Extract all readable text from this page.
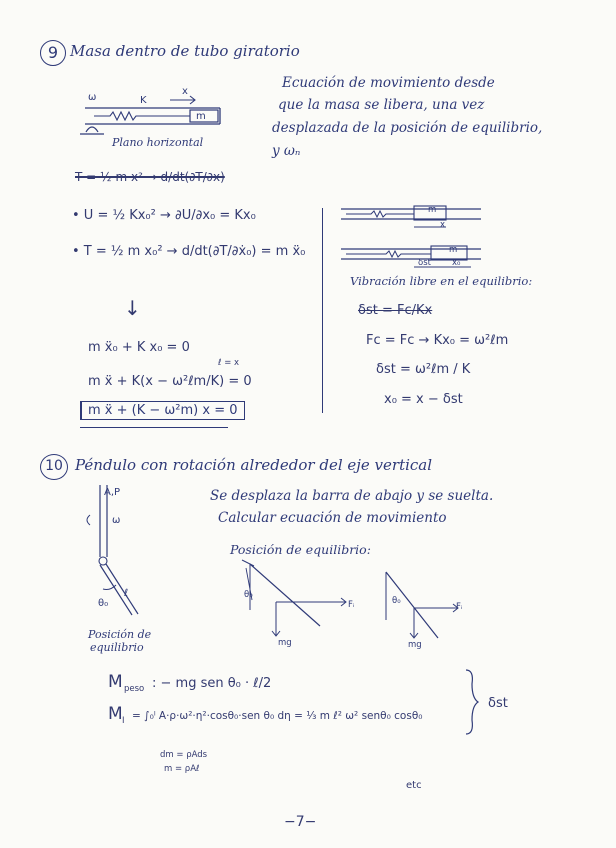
9 Masa dentro de tubo giratorio
Ecuación de movimiento desde
que la masa se libera, una vez
desplazada de la posición de equilibrio,
y ωₙ
ω	K
x
m
Plano horizontal
T = ½ m x² → d/dt(∂T/∂x)
• U = ½ Kx₀² → ∂U/∂x₀ = Kx₀
• T = ½ m x₀² → d/dt(∂T/∂ẋ₀) = m ẍ₀
↓
m ẍ₀ + K x₀ = 0
ℓ = x
m ẍ + K(x − ω²ℓm/K) = 0
m ẍ + (K − ω²m) x = 0
m
x
m
δst x₀
Vibración libre en el equilibrio:
δst = Fc/Kx
Fc = Fc → Kx₀ = ω²ℓm
δst = ω²ℓm / K
x₀ = x − δst
10 Péndulo con rotación alrededor del eje vertical
A,P
ω
ℓ
θ₀
Posición de
equilibrio
Se desplaza la barra de abajo y se suelta.
Calcular ecuación de movimiento
Posición de equilibrio:
θ₀
Fᵢ
mg
θ₀
Fᵢ
mg
M peso : − mg sen θ₀ · ℓ/2
M I = ∫₀ˡ A·ρ·ω²·η²·cosθ₀·sen θ₀ dη = ⅓ m ℓ² ω² senθ₀ cosθ₀
dm = ρAds
m = ρAℓ
δst
etc
−7−
